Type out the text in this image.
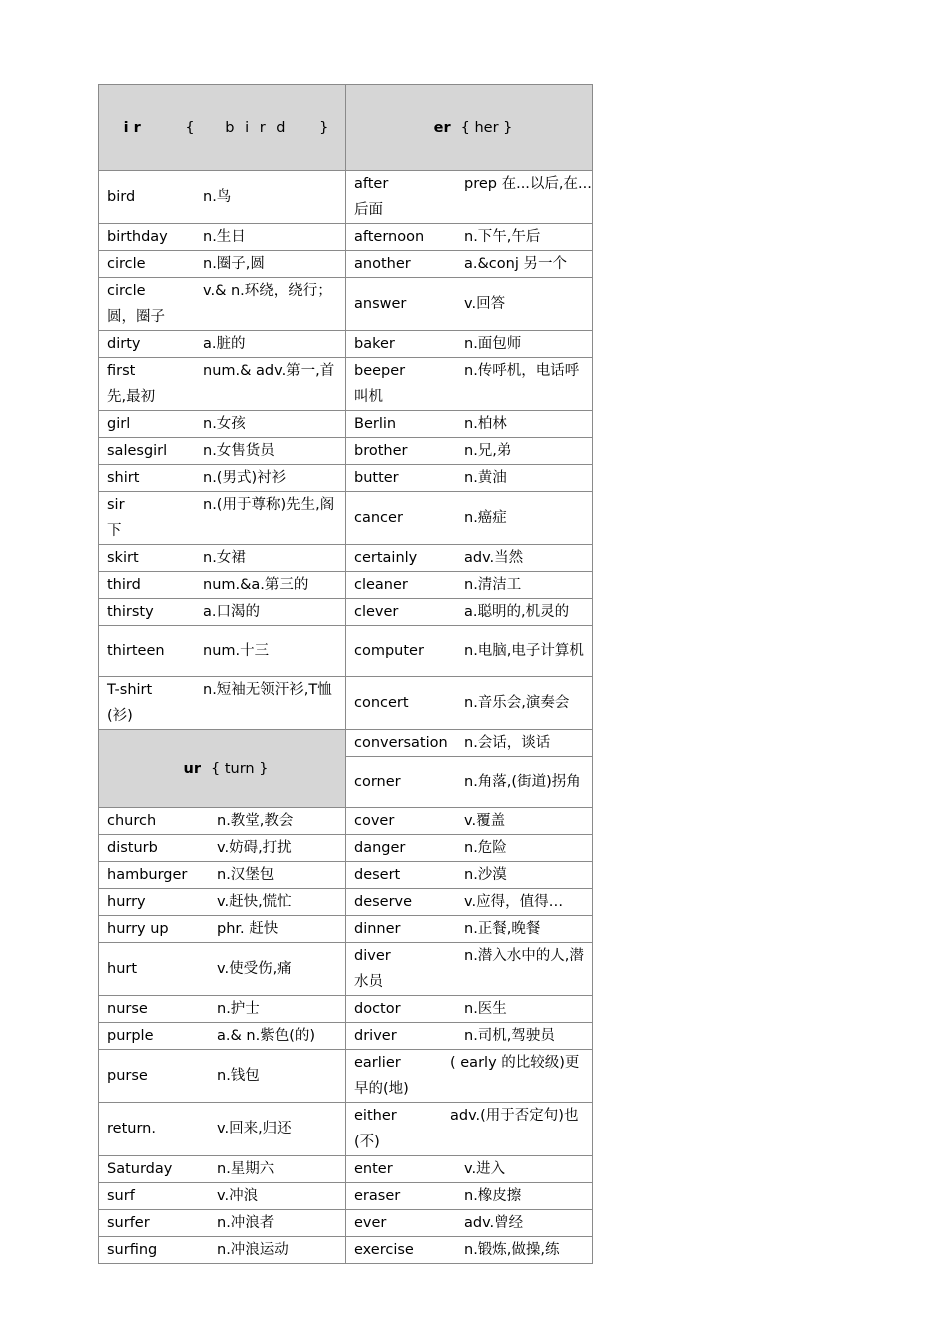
i r { b i r d }	er { her }
bird n.鸟	after prep 在...以后,在...后面
birthday n.生日	afternoon n.下午,午后
circle n.圈子,圆	another a.&conj 另一个
circle v.& n.环绕，绕行；圆，圈子	answer v.回答
dirty a.脏的	baker n.面包师
first num.& adv.第一,首先,最初	beeper n.传呼机，电话呼叫机
girl n.女孩	Berlin n.柏林
salesgirl n.女售货员	brother n.兄,弟
shirt n.(男式)衬衫	butter n.黄油
sir n.(用于尊称)先生,阁下	cancer n.癌症
skirt n.女裙	certainly adv.当然
third num.&a.第三的	cleaner n.清洁工
thirsty a.口渴的	clever a.聪明的,机灵的
thirteen num.十三	computer n.电脑,电子计算机
T-shirt n.短袖无领汗衫,T恤(衫)	concert n.音乐会,演奏会
ur { turn }	conversation n.会话，谈话
	corner n.角落,(街道)拐角
church n.教堂,教会	cover v.覆盖
disturb v.妨碍,打扰	danger n.危险
hamburger n.汉堡包	desert n.沙漠
hurry v.赶快,慌忙	deserve v.应得，值得…
hurry up phr. 赶快	dinner n.正餐,晚餐
hurt v.使受伤,痛	diver n.潜入水中的人,潜水员
nurse n.护士	doctor n.医生
purple a.& n.紫色(的)	driver n.司机,驾驶员
purse n.钱包	earlier ( early 的比较级)更早的(地)
return. v.回来,归还	either adv.(用于否定句)也(不)
Saturday n.星期六	enter v.进入
surf v.冲浪	eraser n.橡皮擦
surfer n.冲浪者	ever adv.曾经
surfing n.冲浪运动	exercise n.锻炼,做操,练
